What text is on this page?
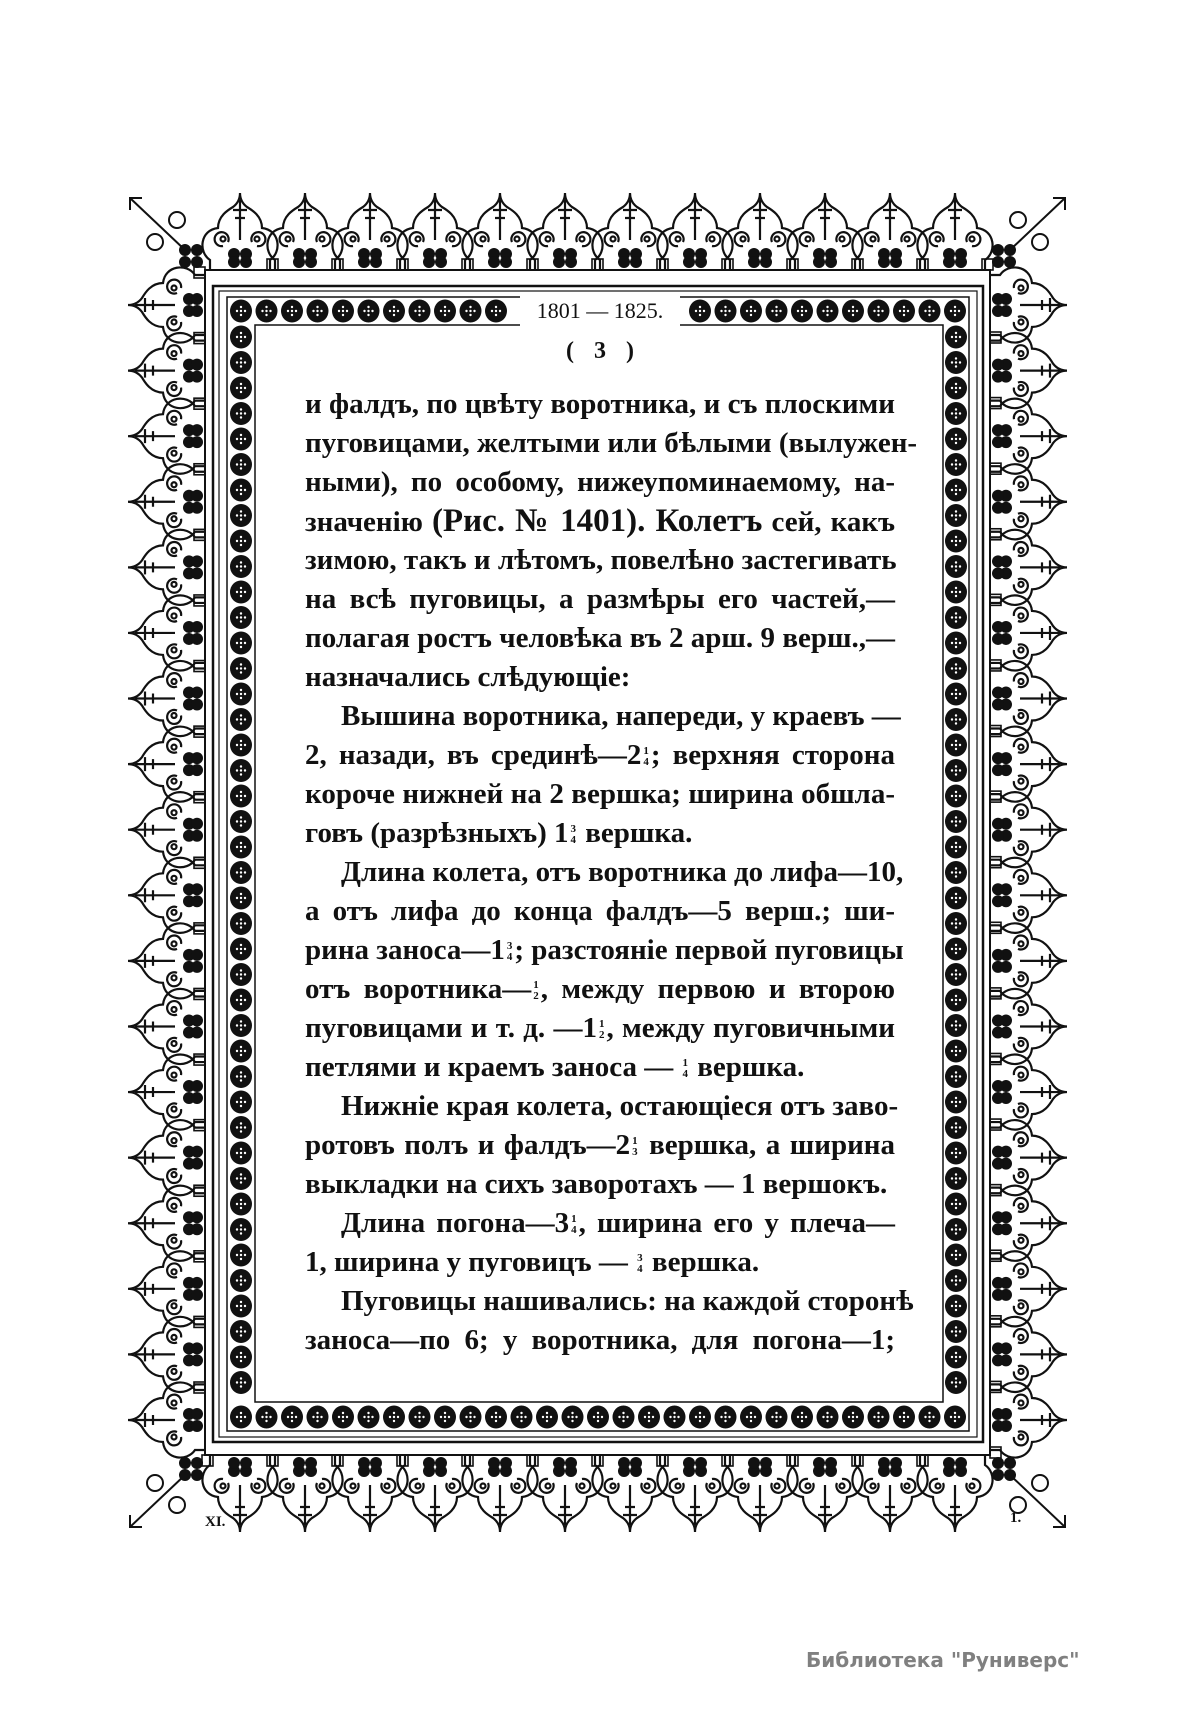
1801 — 1825.
( 3 )
и фалдъ, по цвѣту воротника, и съ плоскими
пуговицами, желтыми или бѣлыми (вылужен-
ными), по особому, нижеупоминаемому, на-
значенію (Рис. № 1401). Колетъ сей, какъ
зимою, такъ и лѣтомъ, повелѣно застегивать
на всѣ пуговицы, а размѣры его частей,—
полагая ростъ человѣка въ 2 арш. 9 верш.,—
назначались слѣдующіе:
Вышина воротника, напереди, у краевъ —
2, назади, въ срединѣ—2 1
4 ; верхняя сторона
короче нижней на 2 вершка; ширина обшла-
говъ (разрѣзныхъ) 1 3
4 вершка.
Длина колета, отъ воротника до лифа—10,
а отъ лифа до конца фалдъ—5 верш.; ши-
рина заноса—1 3
4 ; разстояніе первой пуговицы
отъ воротника— 1
2 , между первою и второю
пуговицами и т. д. —1 1
2 , между пуговичными
петлями и краемъ заноса — 1
4 вершка.
Нижніе края колета, остающіеся отъ заво-
ротовъ полъ и фалдъ—2 1
3 вершка, а ширина
выкладки на сихъ заворотахъ — 1 вершокъ.
Длина погона—3 1
4 , ширина его у плеча—
1, ширина у пуговицъ — 3
4 вершка.
Пуговицы нашивались: на каждой сторонѣ
заноса—по 6; у воротника, для погона—1;
XI.	1.
Библиотека "Руниверс"
